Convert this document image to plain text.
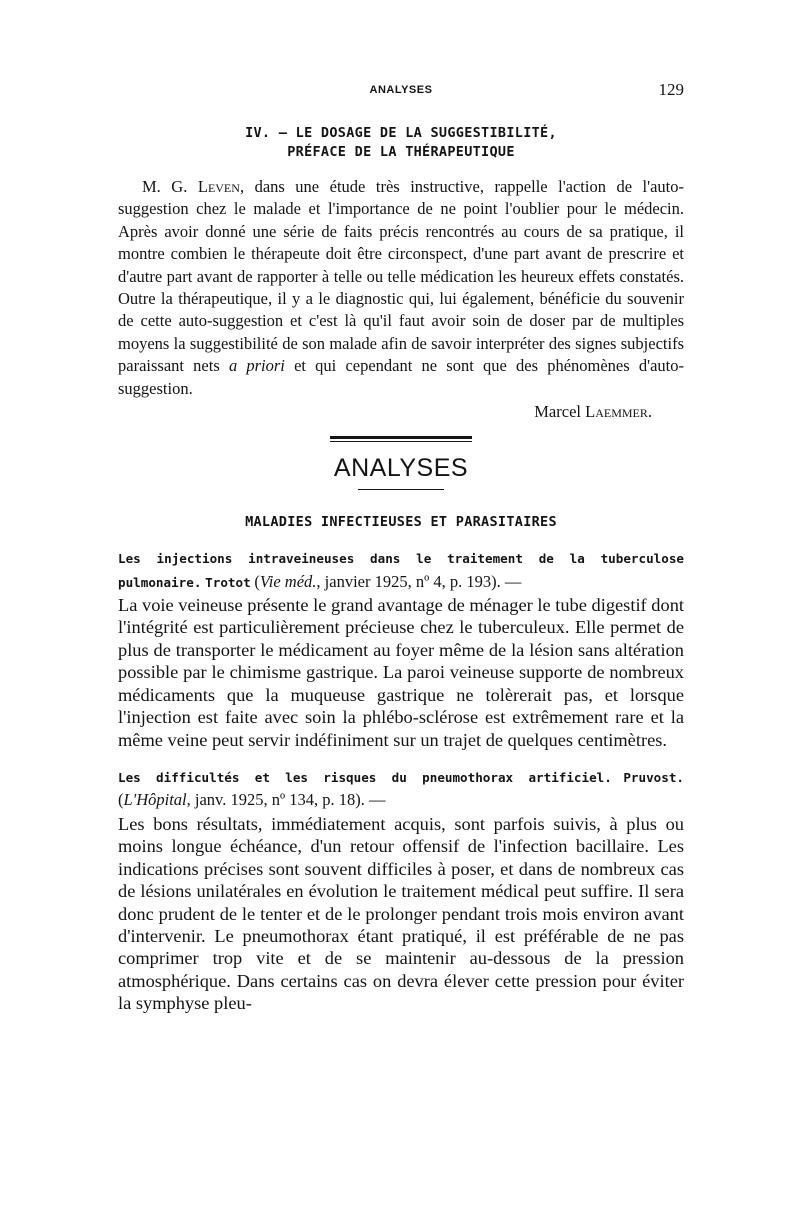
ANALYSES	129
IV. — LE DOSAGE DE LA SUGGESTIBILITÉ,
PRÉFACE DE LA THÉRAPEUTIQUE

M. G. Leven, dans une étude très instructive, rappelle l'action de l'auto-suggestion chez le malade et l'importance de ne point l'oublier pour le médecin. Après avoir donné une série de faits précis rencontrés au cours de sa pratique, il montre combien le thérapeute doit être circonspect, d'une part avant de prescrire et d'autre part avant de rapporter à telle ou telle médication les heureux effets constatés. Outre la thérapeutique, il y a le diagnostic qui, lui également, bénéficie du souvenir de cette auto-suggestion et c'est là qu'il faut avoir soin de doser par de multiples moyens la suggestibilité de son malade afin de savoir interpréter des signes subjectifs paraissant nets a priori et qui cependant ne sont que des phénomènes d'auto-suggestion.

Marcel Laemmer.
ANALYSES
MALADIES INFECTIEUSES ET PARASITAIRES

Les injections intraveineuses dans le traitement de la tuberculose pulmonaire. Trotot (Vie méd., janvier 1925, nº 4, p. 193). —

La voie veineuse présente le grand avantage de ménager le tube digestif dont l'intégrité est particulièrement précieuse chez le tuberculeux. Elle permet de plus de transporter le médicament au foyer même de la lésion sans altération possible par le chimisme gastrique. La paroi veineuse supporte de nombreux médicaments que la muqueuse gastrique ne tolèrerait pas, et lorsque l'injection est faite avec soin la phlébo-sclérose est extrêmement rare et la même veine peut servir indéfiniment sur un trajet de quelques centimètres.

Les difficultés et les risques du pneumothorax artificiel. Pruvost. (L'Hôpital, janv. 1925, nº 134, p. 18). —

Les bons résultats, immédiatement acquis, sont parfois suivis, à plus ou moins longue échéance, d'un retour offensif de l'infection bacillaire. Les indications précises sont souvent difficiles à poser, et dans de nombreux cas de lésions unilatérales en évolution le traitement médical peut suffire. Il sera donc prudent de le tenter et de le prolonger pendant trois mois environ avant d'intervenir. Le pneumothorax étant pratiqué, il est préférable de ne pas comprimer trop vite et de se maintenir au-dessous de la pression atmosphérique. Dans certains cas on devra élever cette pression pour éviter la symphyse pleu-
